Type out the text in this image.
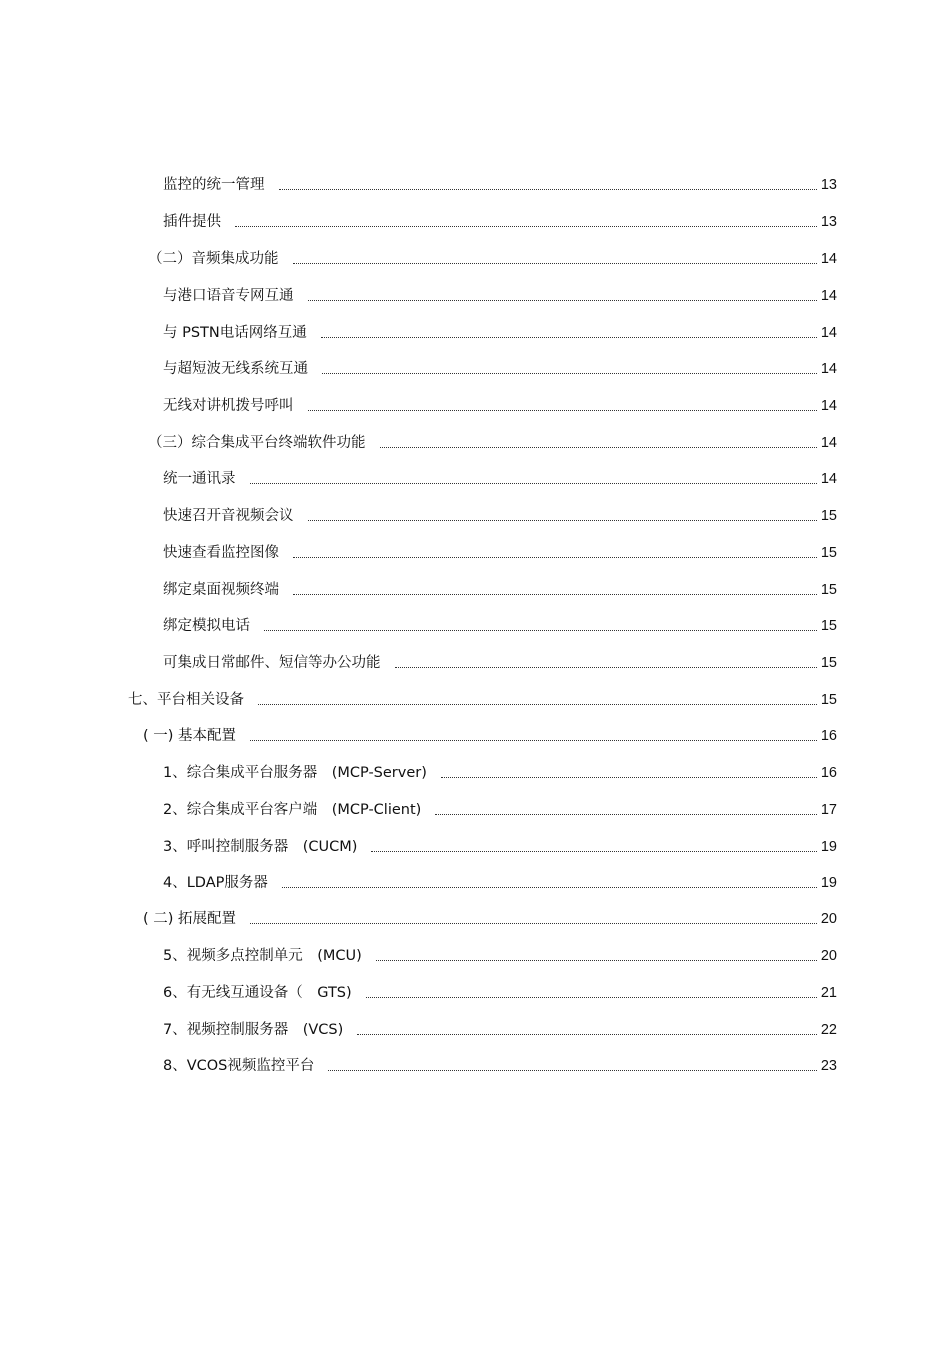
监控的统一管理	13
插件提供	13
（二）音频集成功能	14
与港口语音专网互通	14
与 PSTN电话网络互通	14
与超短波无线系统互通	14
无线对讲机拨号呼叫	14
（三）综合集成平台终端软件功能	14
统一通讯录	14
快速召开音视频会议	15
快速查看监控图像	15
绑定桌面视频终端	15
绑定模拟电话	15
可集成日常邮件、短信等办公功能	15
七、平台相关设备	15
( 一) 基本配置	16
1、综合集成平台服务器　(MCP-Server)	16
2、综合集成平台客户端　(MCP-Client)	17
3、呼叫控制服务器　(CUCM)	19
4、LDAP服务器	19
( 二) 拓展配置	20
5、视频多点控制单元　(MCU)	20
6、有无线互通设备（　GTS)	21
7、视频控制服务器　(VCS)	22
8、VCOS视频监控平台	23
